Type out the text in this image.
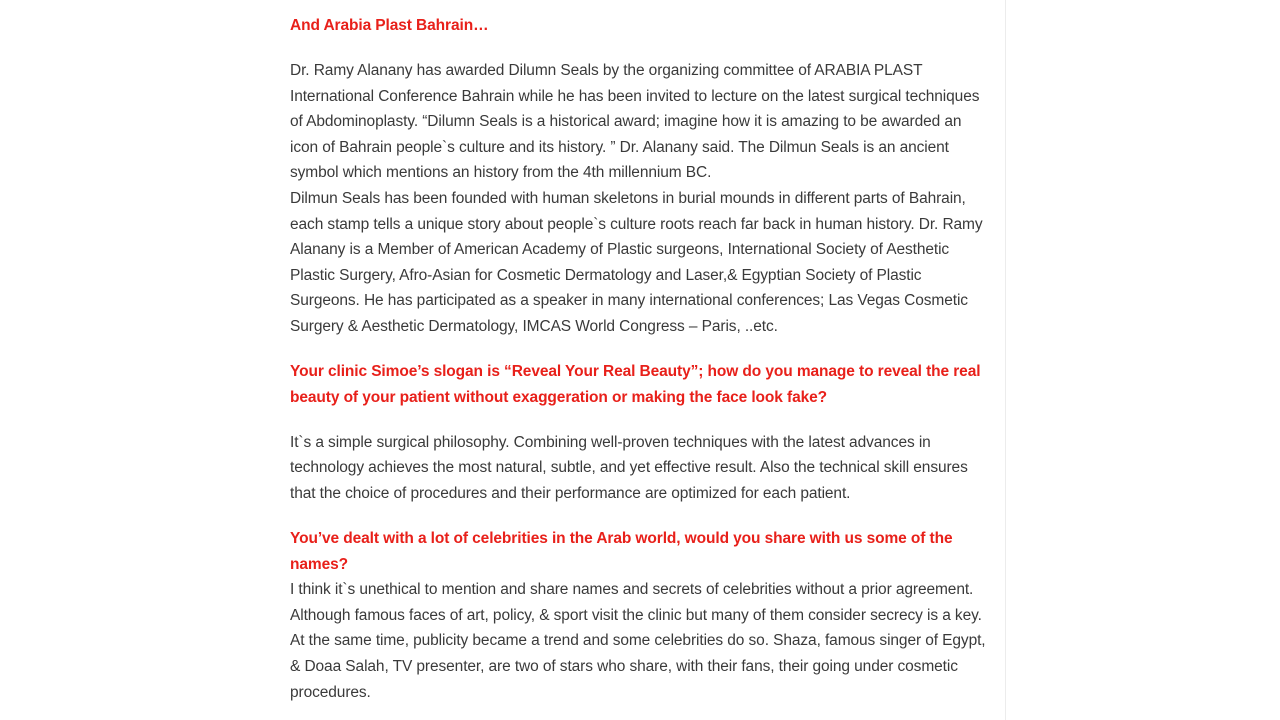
And Arabia Plast Bahrain…

Dr. Ramy Alanany has awarded Dilumn Seals by the organizing committee of ARABIA PLAST International Conference Bahrain while he has been invited to lecture on the latest surgical techniques of Abdominoplasty. “Dilumn Seals is a historical award; imagine how it is amazing to be awarded an icon of Bahrain people`s culture and its history. ” Dr. Alanany said. The Dilmun Seals is an ancient symbol which mentions an history from the 4th millennium BC.

Dilmun Seals has been founded with human skeletons in burial mounds in different parts of Bahrain, each stamp tells a unique story about people`s culture roots reach far back in human history. Dr. Ramy Alanany is a Member of American Academy of Plastic surgeons, International Society of Aesthetic Plastic Surgery, Afro-Asian for Cosmetic Dermatology and Laser,& Egyptian Society of Plastic Surgeons. He has participated as a speaker in many international conferences; Las Vegas Cosmetic Surgery & Aesthetic Dermatology, IMCAS World Congress – Paris, ..etc.

Your clinic Simoe’s slogan is “Reveal Your Real Beauty”; how do you manage to reveal the real beauty of your patient without exaggeration or making the face look fake?

It`s a simple surgical philosophy. Combining well-proven techniques with the latest advances in technology achieves the most natural, subtle, and yet effective result. Also the technical skill ensures that the choice of procedures and their performance are optimized for each patient.

You’ve dealt with a lot of celebrities in the Arab world, would you share with us some of the names?

I think it`s unethical to mention and share names and secrets of celebrities without a prior agreement. Although famous faces of art, policy, & sport visit the clinic but many of them consider secrecy is a key. At the same time, publicity became a trend and some celebrities do so. Shaza, famous singer of Egypt, & Doaa Salah, TV presenter, are two of stars who share, with their fans, their going under cosmetic procedures.
